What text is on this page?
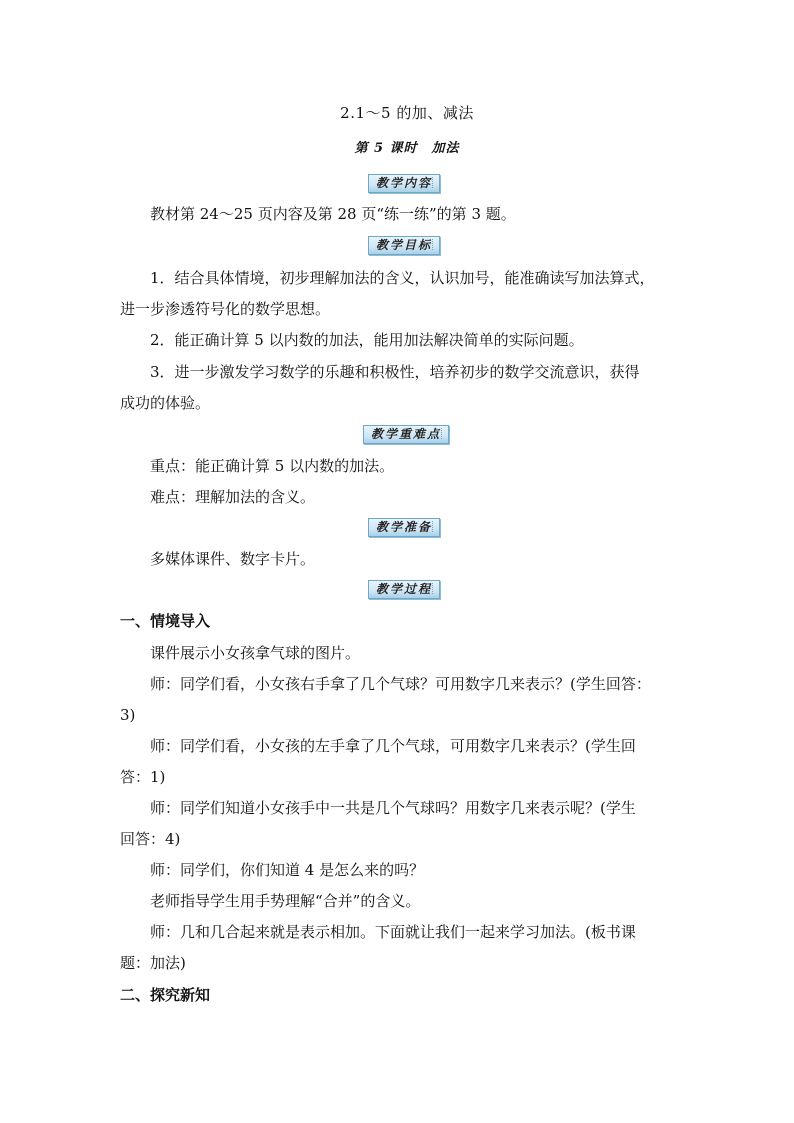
2.1～5 的加、减法
第 5 课时　加法
教学内容
教材第 24～25 页内容及第 28 页“练一练”的第 3 题。
教学目标
1．结合具体情境，初步理解加法的含义，认识加号，能准确读写加法算式，
进一步渗透符号化的数学思想。
2．能正确计算 5 以内数的加法，能用加法解决简单的实际问题。
3．进一步激发学习数学的乐趣和积极性，培养初步的数学交流意识，获得
成功的体验。
教学重难点
重点：能正确计算 5 以内数的加法。
难点：理解加法的含义。
教学准备
多媒体课件、数字卡片。
教学过程
一、情境导入
课件展示小女孩拿气球的图片。
师：同学们看，小女孩右手拿了几个气球？可用数字几来表示？(学生回答：
3)
师：同学们看，小女孩的左手拿了几个气球，可用数字几来表示？(学生回
答：1)
师：同学们知道小女孩手中一共是几个气球吗？用数字几来表示呢？(学生
回答：4)
师：同学们，你们知道 4 是怎么来的吗？
老师指导学生用手势理解“合并”的含义。
师：几和几合起来就是表示相加。下面就让我们一起来学习加法。(板书课
题：加法)
二、探究新知
